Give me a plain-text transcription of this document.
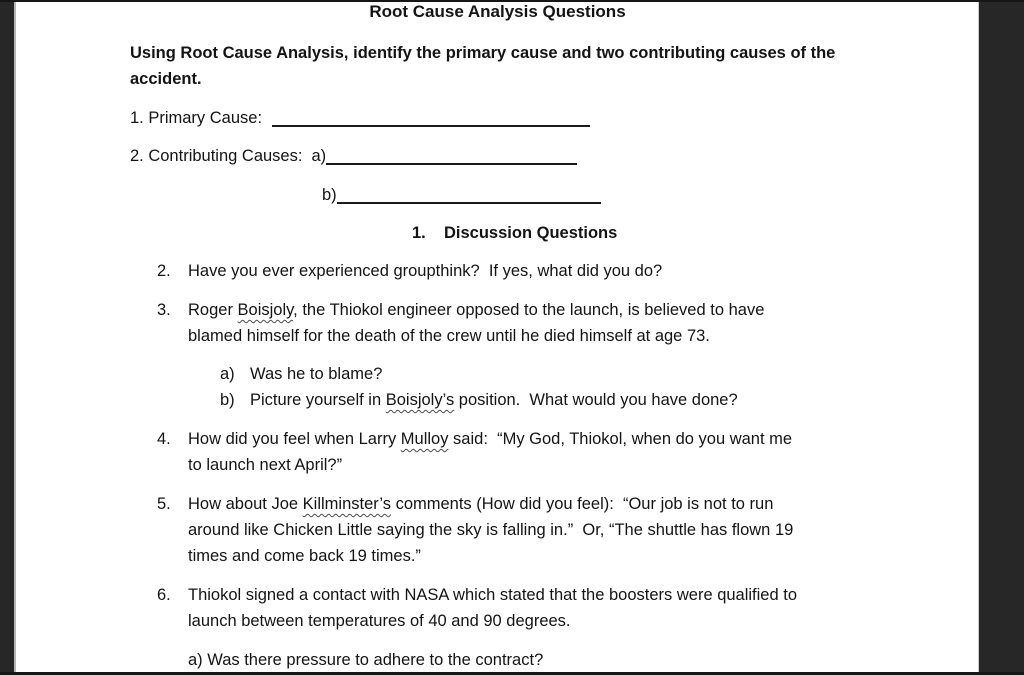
Root Cause Analysis Questions
Using Root Cause Analysis, identify the primary cause and two contributing causes of the
accident.
1. Primary Cause:
2. Contributing Causes: a)
b)
1.	Discussion Questions
2.	Have you ever experienced groupthink?  If yes, what did you do?
3.	Roger Boisjoly, the Thiokol engineer opposed to the launch, is believed to have
blamed himself for the death of the crew until he died himself at age 73.
a) Was he to blame?
b) Picture yourself in Boisjoly’s position.  What would you have done?
4.	How did you feel when Larry Mulloy said:  “My God, Thiokol, when do you want me
to launch next April?”
5.	How about Joe Killminster’s comments (How did you feel):  “Our job is not to run
around like Chicken Little saying the sky is falling in.”  Or, “The shuttle has flown 19
times and come back 19 times.”
6.	Thiokol signed a contact with NASA which stated that the boosters were qualified to
launch between temperatures of 40 and 90 degrees.
a) Was there pressure to adhere to the contract?
